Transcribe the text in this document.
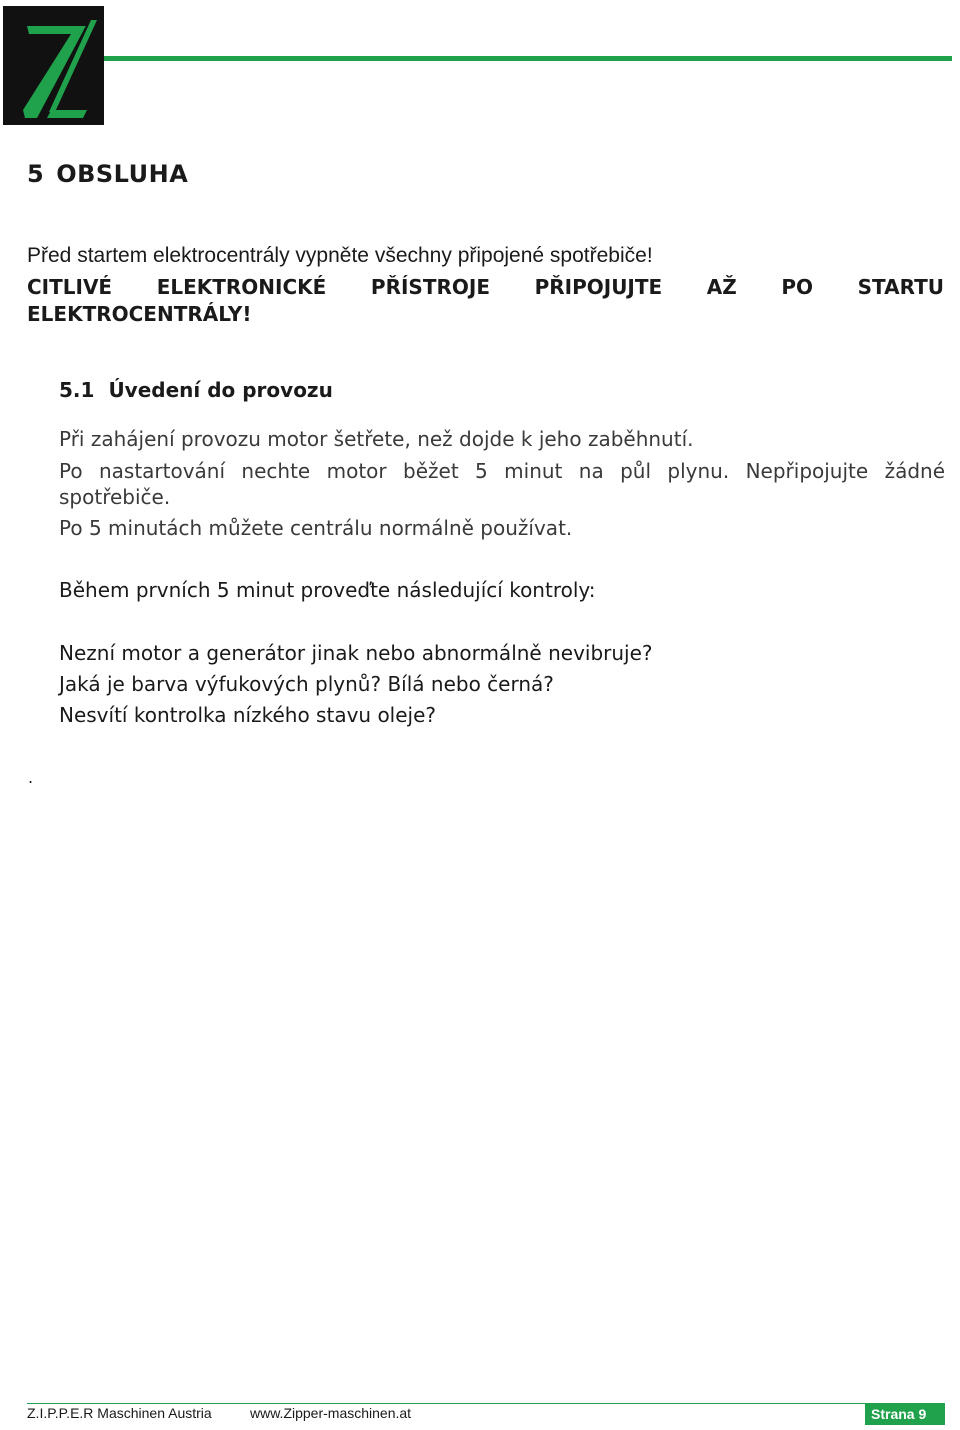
5 OBSLUHA
Před startem elektrocentrály vypněte všechny připojené spotřebiče!
CITLIVÉ ELEKTRONICKÉ PŘÍSTROJE PŘIPOJUJTE AŽ PO STARTU
ELEKTROCENTRÁLY!
5.1 Úvedení do provozu
Při zahájení provozu motor šetřete, než dojde k jeho zaběhnutí.
Po nastartování nechte motor běžet 5 minut na půl plynu. Nepřipojujte žádné
spotřebiče.
Po 5 minutách můžete centrálu normálně používat.
Během prvních 5 minut proveďte následující kontroly:
Nezní motor a generátor jinak nebo abnormálně nevibruje?
Jaká je barva výfukových plynů? Bílá nebo černá?
Nesvítí kontrolka nízkého stavu oleje?
.
Z.I.P.P.E.R Maschinen Austria	www.Zipper-maschinen.at	Strana 9
